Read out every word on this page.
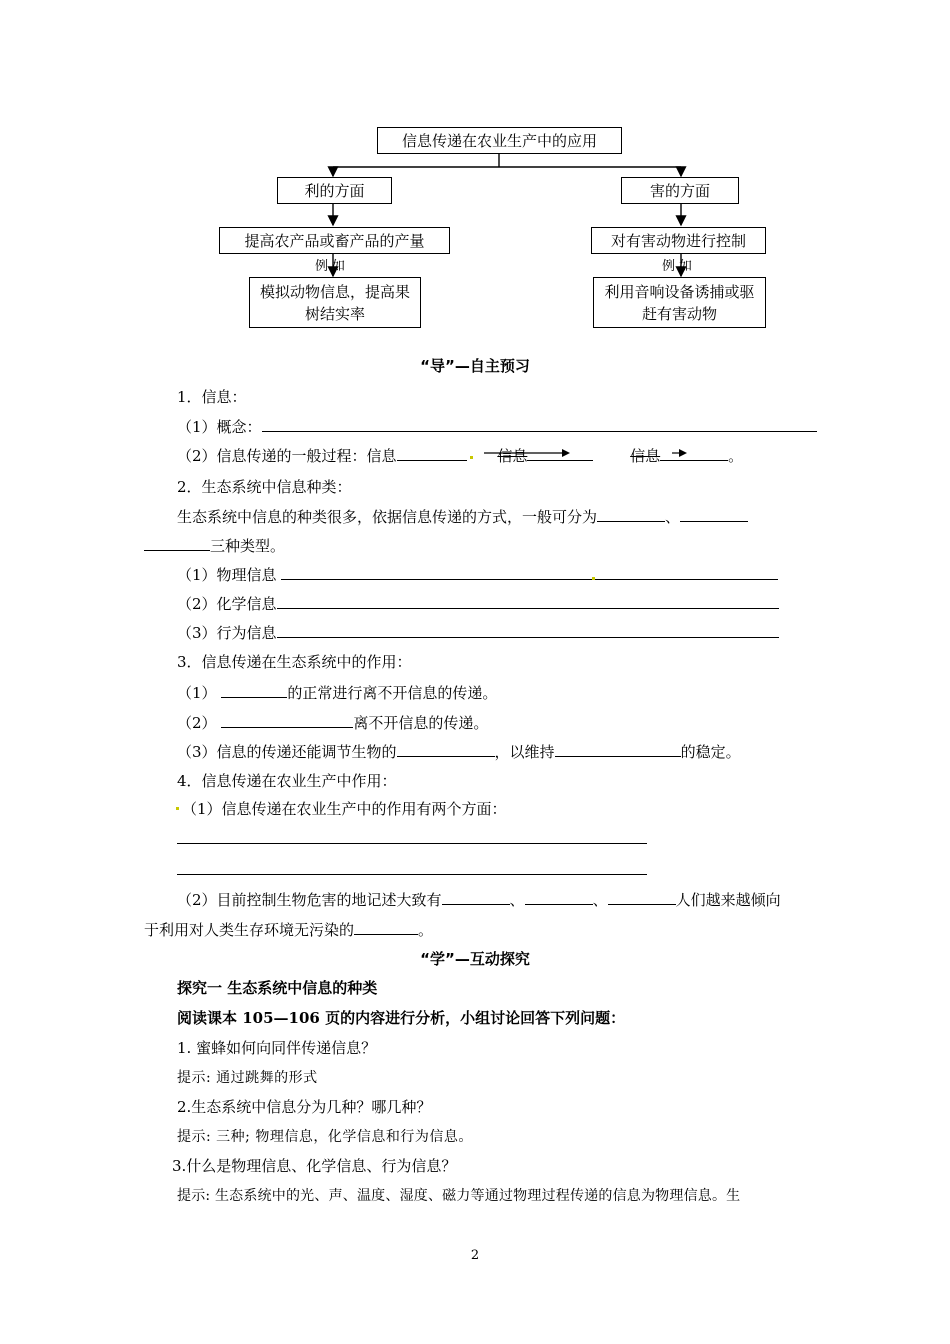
信息传递在农业生产中的应用
利的方面	害的方面
提高农产品或畜产品的产量	对有害动物进行控制
例 如	例 如
模拟动物信息，提高果树结实率
利用音响设备诱捕或驱赶有害动物
“导”—自主预习
1．信息：
（1）概念：
（2）信息传递的一般过程：信息	信息	信息	。
2．生态系统中信息种类：
生态系统中信息的种类很多，依据信息传递的方式，一般可分为	、
三种类型。
（1）物理信息
（2）化学信息
（3）行为信息
3．信息传递在生态系统中的作用：
（1）	的正常进行离不开信息的传递。
（2）	离不开信息的传递。
（3）信息的传递还能调节生物的	，以维持	的稳定。
4．信息传递在农业生产中作用：
（1）信息传递在农业生产中的作用有两个方面：
（2）目前控制生物危害的地记述大致有	、	、	人们越来越倾向
于利用对人类生存环境无污染的	。
“学”—互动探究
探究一 生态系统中信息的种类
阅读课本 105—106 页的内容进行分析，小组讨论回答下列问题：
1. 蜜蜂如何向同伴传递信息？
提示: 通过跳舞的形式
2.生态系统中信息分为几种？哪几种？
提示: 三种; 物理信息，化学信息和行为信息。
3.什么是物理信息、化学信息、行为信息？
提示: 生态系统中的光、声、温度、湿度、磁力等通过物理过程传递的信息为物理信息。生
2
